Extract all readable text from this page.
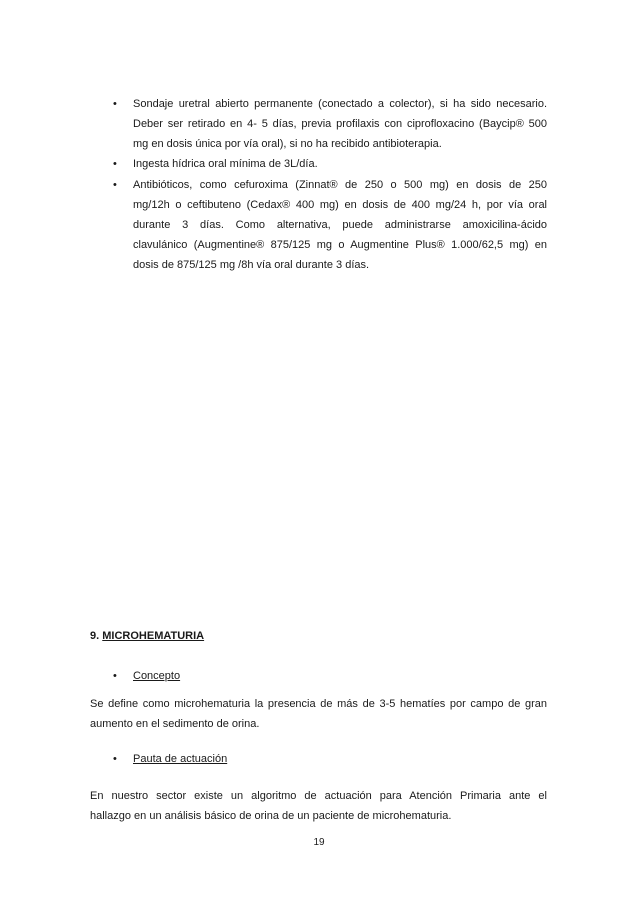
• Sondaje uretral abierto permanente (conectado a colector), si ha sido necesario.
Deber ser retirado en 4- 5 días, previa profilaxis con ciprofloxacino (Baycip® 500
mg en dosis única por vía oral), si no ha recibido antibioterapia.
• Ingesta hídrica oral mínima de 3L/día.
• Antibióticos, como cefuroxima (Zinnat® de 250 o 500 mg) en dosis de 250
mg/12h o ceftibuteno (Cedax® 400 mg) en dosis de 400 mg/24 h, por vía oral
durante 3 días. Como alternativa, puede administrarse amoxicilina-ácido
clavulánico (Augmentine® 875/125 mg o Augmentine Plus® 1.000/62,5 mg) en
dosis de 875/125 mg /8h vía oral durante 3 días.
9. MICROHEMATURIA
• Concepto
Se define como microhematuria la presencia de más de 3-5 hematíes por campo de gran
aumento en el sedimento de orina.
• Pauta de actuación
En nuestro sector existe un algoritmo de actuación para Atención Primaria ante el
hallazgo en un análisis básico de orina de un paciente de microhematuria.
19
